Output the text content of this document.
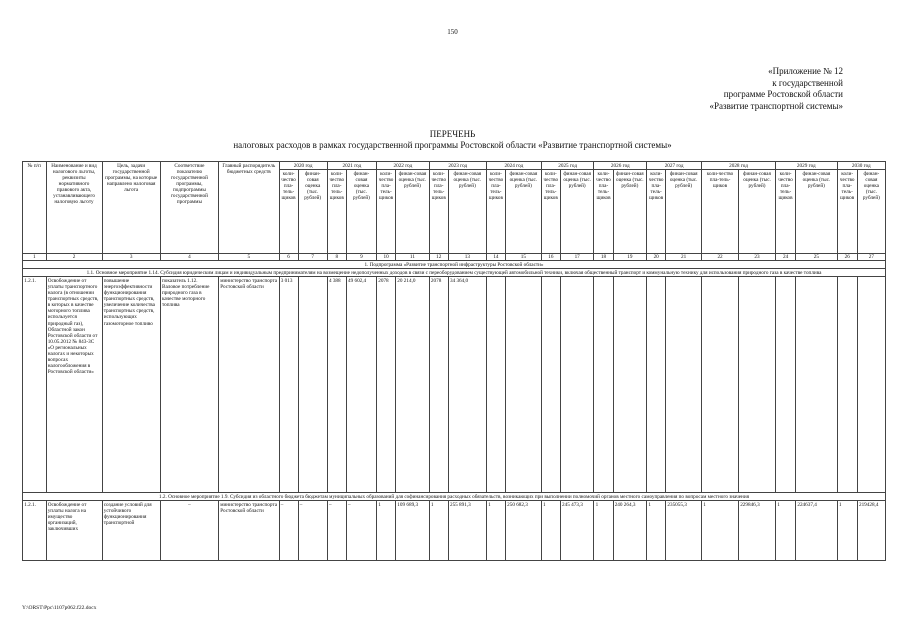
150
«Приложение № 12
к государственной
программе Ростовской области
«Развитие транспортной системы»
ПЕРЕЧЕНЬ
налоговых расходов в рамках государственной программы Ростовской области «Развитие транспортной системы»
№ п/п	Наименование и вид налогового льготы, реквизиты нормативного правового акта, устанавливающего налоговую льготу	Цель, задачи государственной программы, на которые направлено налоговая льгота	Соответствие показателю государственной программы, подпрограммы государственной программы	Главный распорядитель бюджетных средств	2020 год		2021 год		2022 год		2023 год		2024 год		2025 год		2026 год		2027 год		2028 год		2029 год		2030 год	
					коли-чество пла-тель-щиков	финан-совая оценка (тыс. рублей)	коли-чество пла-тель-щиков	финан-совая оценка (тыс. рублей)	коли-чество пла-тель-щиков	финан-совая оценка (тыс. рублей)	коли-чество пла-тель-щиков	финан-совая оценка (тыс. рублей)	коли-чество пла-тель-щиков	финан-совая оценка (тыс. рублей)	коли-чество пла-тель-щиков	финан-совая оценка (тыс. рублей)	коли-чество пла-тель-щиков	финан-совая оценка (тыс. рублей)	коли-чество пла-тель-щиков	финан-совая оценка (тыс. рублей)	коли-чество пла-тель-щиков	финан-совая оценка (тыс. рублей)	коли-чество пла-тель-щиков	финан-совая оценка (тыс. рублей)	коли-чество пла-тель-щиков	финан-совая оценка (тыс. рублей)
1	2	3	4	5	6	7	8	9	10	11	12	13	14	15	16	17	18	19	20	21	22	23	24	25	26	27
1. Подпрограмма «Развитие транспортной инфраструктуры Ростовской области»																										
1.1. Основное мероприятие 1.14. Субсидия юридическим лицам и индивидуальным предпринимателям на возмещение недополученных доходов в связи с переоборудованием существующей автомобильной техники, включая общественный транспорт и коммунальную технику для использования природного газа в качестве топлива																										
1.2.1.	Освобождение от уплаты транспортного налога (в отношении транспортных средств, в которых в качестве моторного топлива используется природный газ), Областной закон Ростовской области от 10.05.2012 № 843-ЗС «О региональных налогах и некоторых вопросах налогообложения в Ростовской области»	повышение энергоэффективности функционирования транспортных средств, увеличение количества транспортных средств, использующих газомоторное топливо	показатель 1.12. Валовое потребление природного газа в качестве моторного топлива	министерство транспорта Ростовской области	3 013		4 388	49 602,4	2078	20 214,0	2078	34 364,0														
1.2. Основное мероприятие 1.9. Субсидия из областного бюджета бюджетам муниципальных образований для софинансирования расходных обязательств, возникающих при выполнении полномочий органов местного самоуправления по вопросам местного значения																										
1.2.1.	Освобождение от уплаты налога на имущество организаций, заключивших	создание условий для устойчивого функционирования транспортной	–	министерство транспорта Ростовской области	–	–	–	–	1	109 689,3	1	255 891,3	1	250 682,3	1	245 473,3	1	240 264,3	1	235055,3	1	229846,3	1	224637,4	1	219428,4
Y:\ORST\Ppc\1107p062.f22.docx
